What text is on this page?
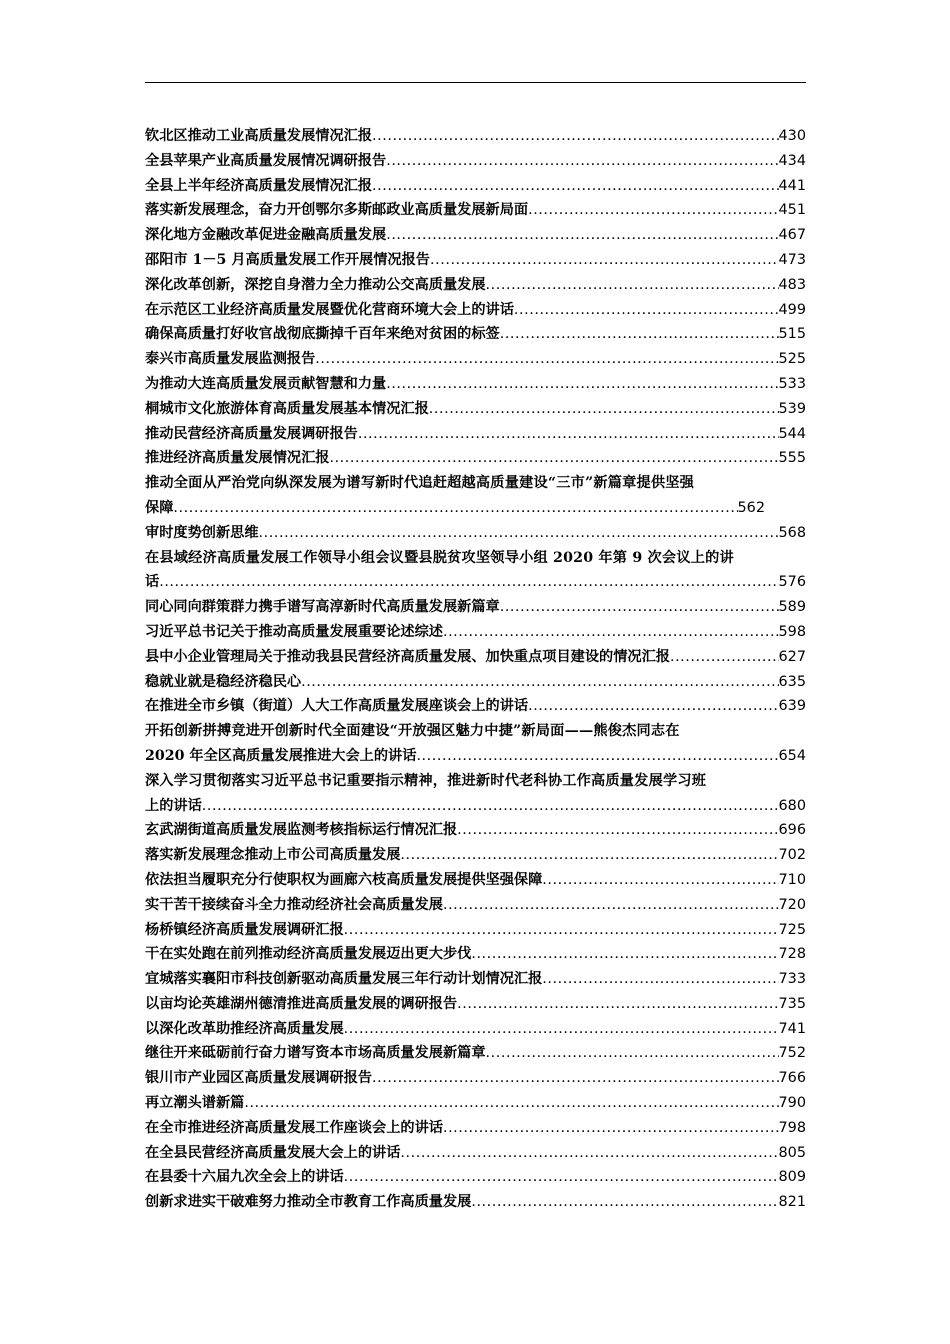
钦北区推动工业高质量发展情况汇报 .....	430
全县苹果产业高质量发展情况调研报告 .....	434
全县上半年经济高质量发展情况汇报 .....	441
落实新发展理念，奋力开创鄂尔多斯邮政业高质量发展新局面 .....	451
深化地方金融改革促进金融高质量发展 .....	467
邵阳市 1－5 月高质量发展工作开展情况报告 .....	473
深化改革创新，深挖自身潜力全力推动公交高质量发展 .....	483
在示范区工业经济高质量发展暨优化营商环境大会上的讲话 .....	499
确保高质量打好收官战彻底撕掉千百年来绝对贫困的标签 .....	515
泰兴市高质量发展监测报告 .....	525
为推动大连高质量发展贡献智慧和力量 .....	533
桐城市文化旅游体育高质量发展基本情况汇报 .....	539
推动民营经济高质量发展调研报告 .....	544
推进经济高质量发展情况汇报 .....	555
推动全面从严治党向纵深发展为谱写新时代追赶超越高质量建设“三市”新篇章提供坚强
保障 .....	562
审时度势创新思维 .....	568
在县域经济高质量发展工作领导小组会议暨县脱贫攻坚领导小组 2020 年第 9 次会议上的讲
话 .....	576
同心同向群策群力携手谱写高淳新时代高质量发展新篇章 .....	589
习近平总书记关于推动高质量发展重要论述综述 .....	598
县中小企业管理局关于推动我县民营经济高质量发展、加快重点项目建设的情况汇报 .....	627
稳就业就是稳经济稳民心 .....	635
在推进全市乡镇（街道）人大工作高质量发展座谈会上的讲话 .....	639
开拓创新拼搏竞进开创新时代全面建设“开放强区魅力中捷”新局面——熊俊杰同志在
2020 年全区高质量发展推进大会上的讲话 .....	654
深入学习贯彻落实习近平总书记重要指示精神，推进新时代老科协工作高质量发展学习班
上的讲话 .....	680
玄武湖街道高质量发展监测考核指标运行情况汇报 .....	696
落实新发展理念推动上市公司高质量发展 .....	702
依法担当履职充分行使职权为画廊六枝高质量发展提供坚强保障 .....	710
实干苦干接续奋斗全力推动经济社会高质量发展 .....	720
杨桥镇经济高质量发展调研汇报 .....	725
干在实处跑在前列推动经济高质量发展迈出更大步伐 .....	728
宜城落实襄阳市科技创新驱动高质量发展三年行动计划情况汇报 .....	733
以亩均论英雄湖州德清推进高质量发展的调研报告 .....	735
以深化改革助推经济高质量发展 .....	741
继往开来砥砺前行奋力谱写资本市场高质量发展新篇章 .....	752
银川市产业园区高质量发展调研报告 .....	766
再立潮头谱新篇 .....	790
在全市推进经济高质量发展工作座谈会上的讲话 .....	798
在全县民营经济高质量发展大会上的讲话 .....	805
在县委十六届九次全会上的讲话 .....	809
创新求进实干破难努力推动全市教育工作高质量发展 .....	821
